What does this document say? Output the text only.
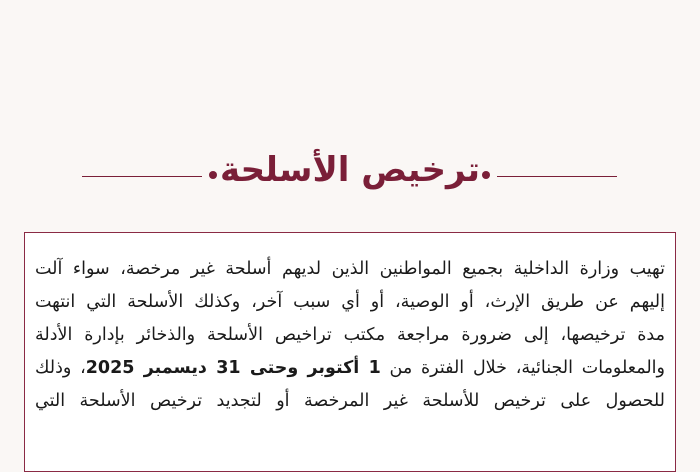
ترخيص الأسلحة
تهيب وزارة الداخلية بجميع المواطنين الذين لديهم أسلحة غير مرخصة، سواء آلت
إليهم عن طريق الإرث، أو الوصية، أو أي سبب آخر، وكذلك الأسلحة التي انتهت
مدة ترخيصها، إلى ضرورة مراجعة مكتب تراخيص الأسلحة والذخائر بإدارة الأدلة
والمعلومات الجنائية، خلال الفترة من 1 أكتوبر وحتى 31 ديسمبر 2025، وذلك
للحصول على ترخيص للأسلحة غير المرخصة أو لتجديد ترخيص الأسلحة التي
